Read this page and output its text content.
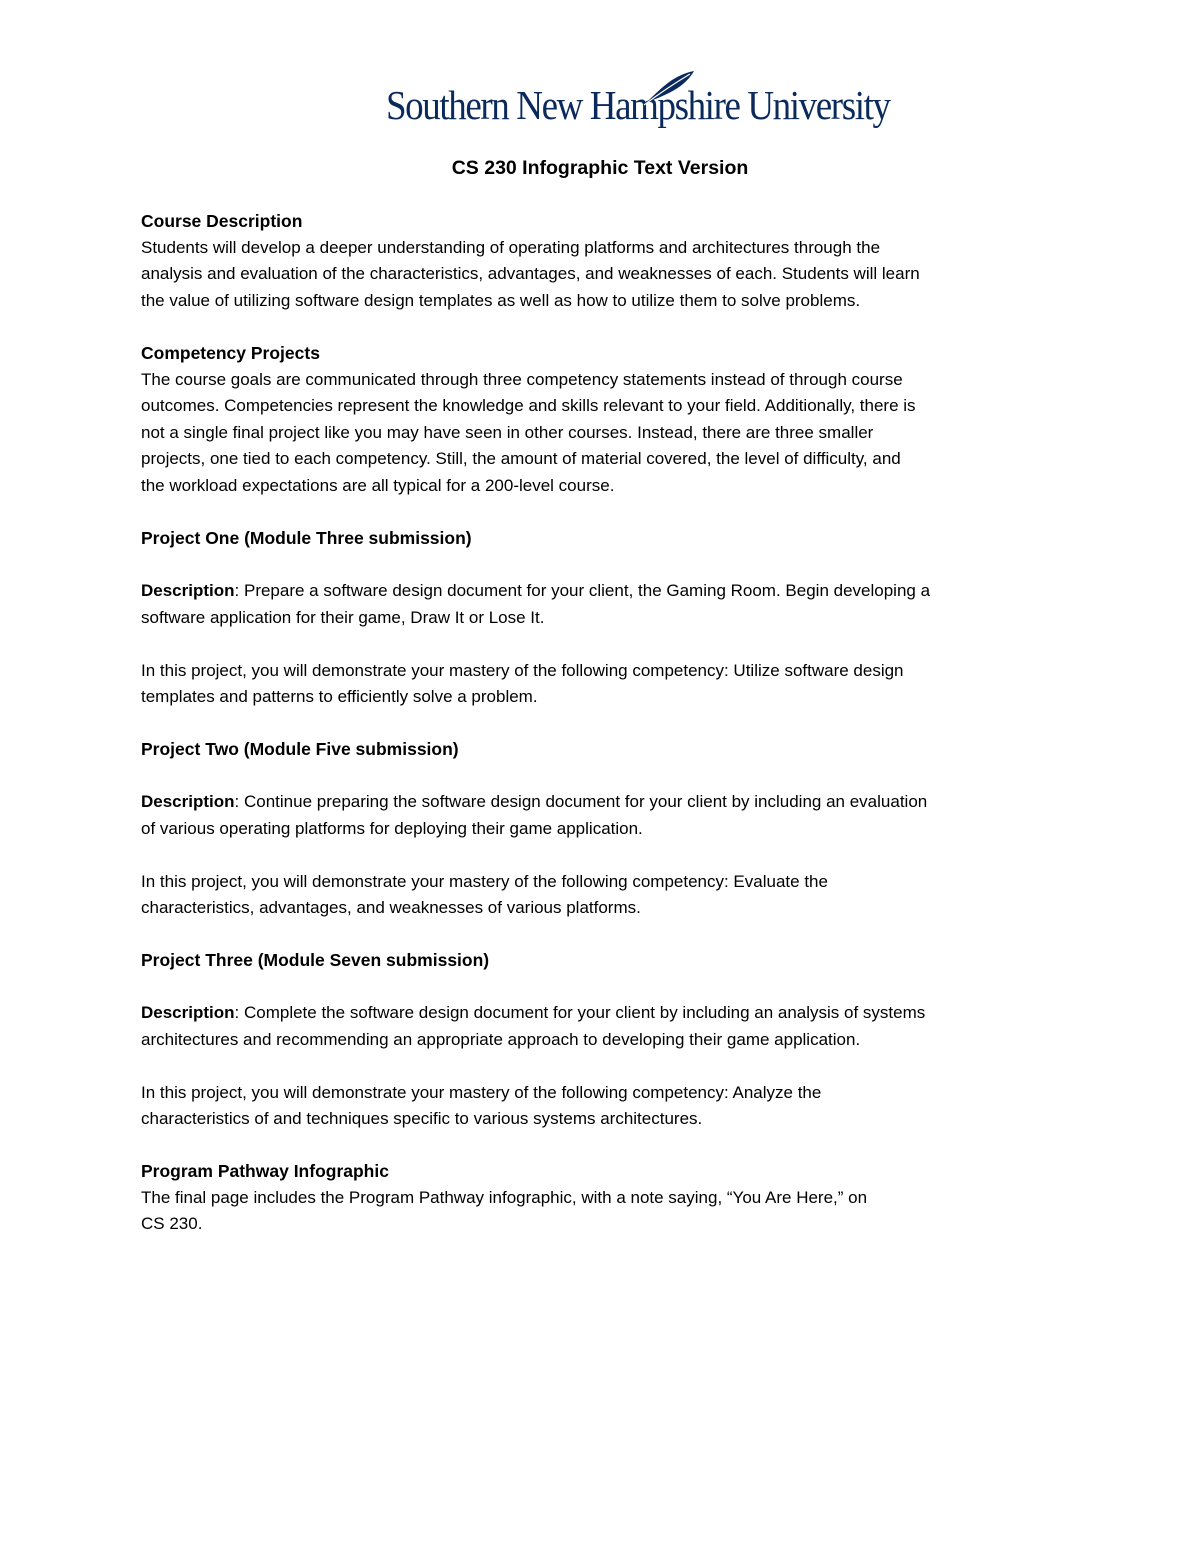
Southern New Hampshire University
CS 230 Infographic Text Version
Course Description
Students will develop a deeper understanding of operating platforms and architectures through the
analysis and evaluation of the characteristics, advantages, and weaknesses of each. Students will learn
the value of utilizing software design templates as well as how to utilize them to solve problems.
Competency Projects
The course goals are communicated through three competency statements instead of through course
outcomes. Competencies represent the knowledge and skills relevant to your field. Additionally, there is
not a single final project like you may have seen in other courses. Instead, there are three smaller
projects, one tied to each competency. Still, the amount of material covered, the level of difficulty, and
the workload expectations are all typical for a 200-level course.
Project One (Module Three submission)
Description: Prepare a software design document for your client, the Gaming Room. Begin developing a
software application for their game, Draw It or Lose It.
In this project, you will demonstrate your mastery of the following competency: Utilize software design
templates and patterns to efficiently solve a problem.
Project Two (Module Five submission)
Description: Continue preparing the software design document for your client by including an evaluation
of various operating platforms for deploying their game application.
In this project, you will demonstrate your mastery of the following competency: Evaluate the
characteristics, advantages, and weaknesses of various platforms.
Project Three (Module Seven submission)
Description: Complete the software design document for your client by including an analysis of systems
architectures and recommending an appropriate approach to developing their game application.
In this project, you will demonstrate your mastery of the following competency: Analyze the
characteristics of and techniques specific to various systems architectures.
Program Pathway Infographic
The final page includes the Program Pathway infographic, with a note saying, “You Are Here,” on
CS 230.
